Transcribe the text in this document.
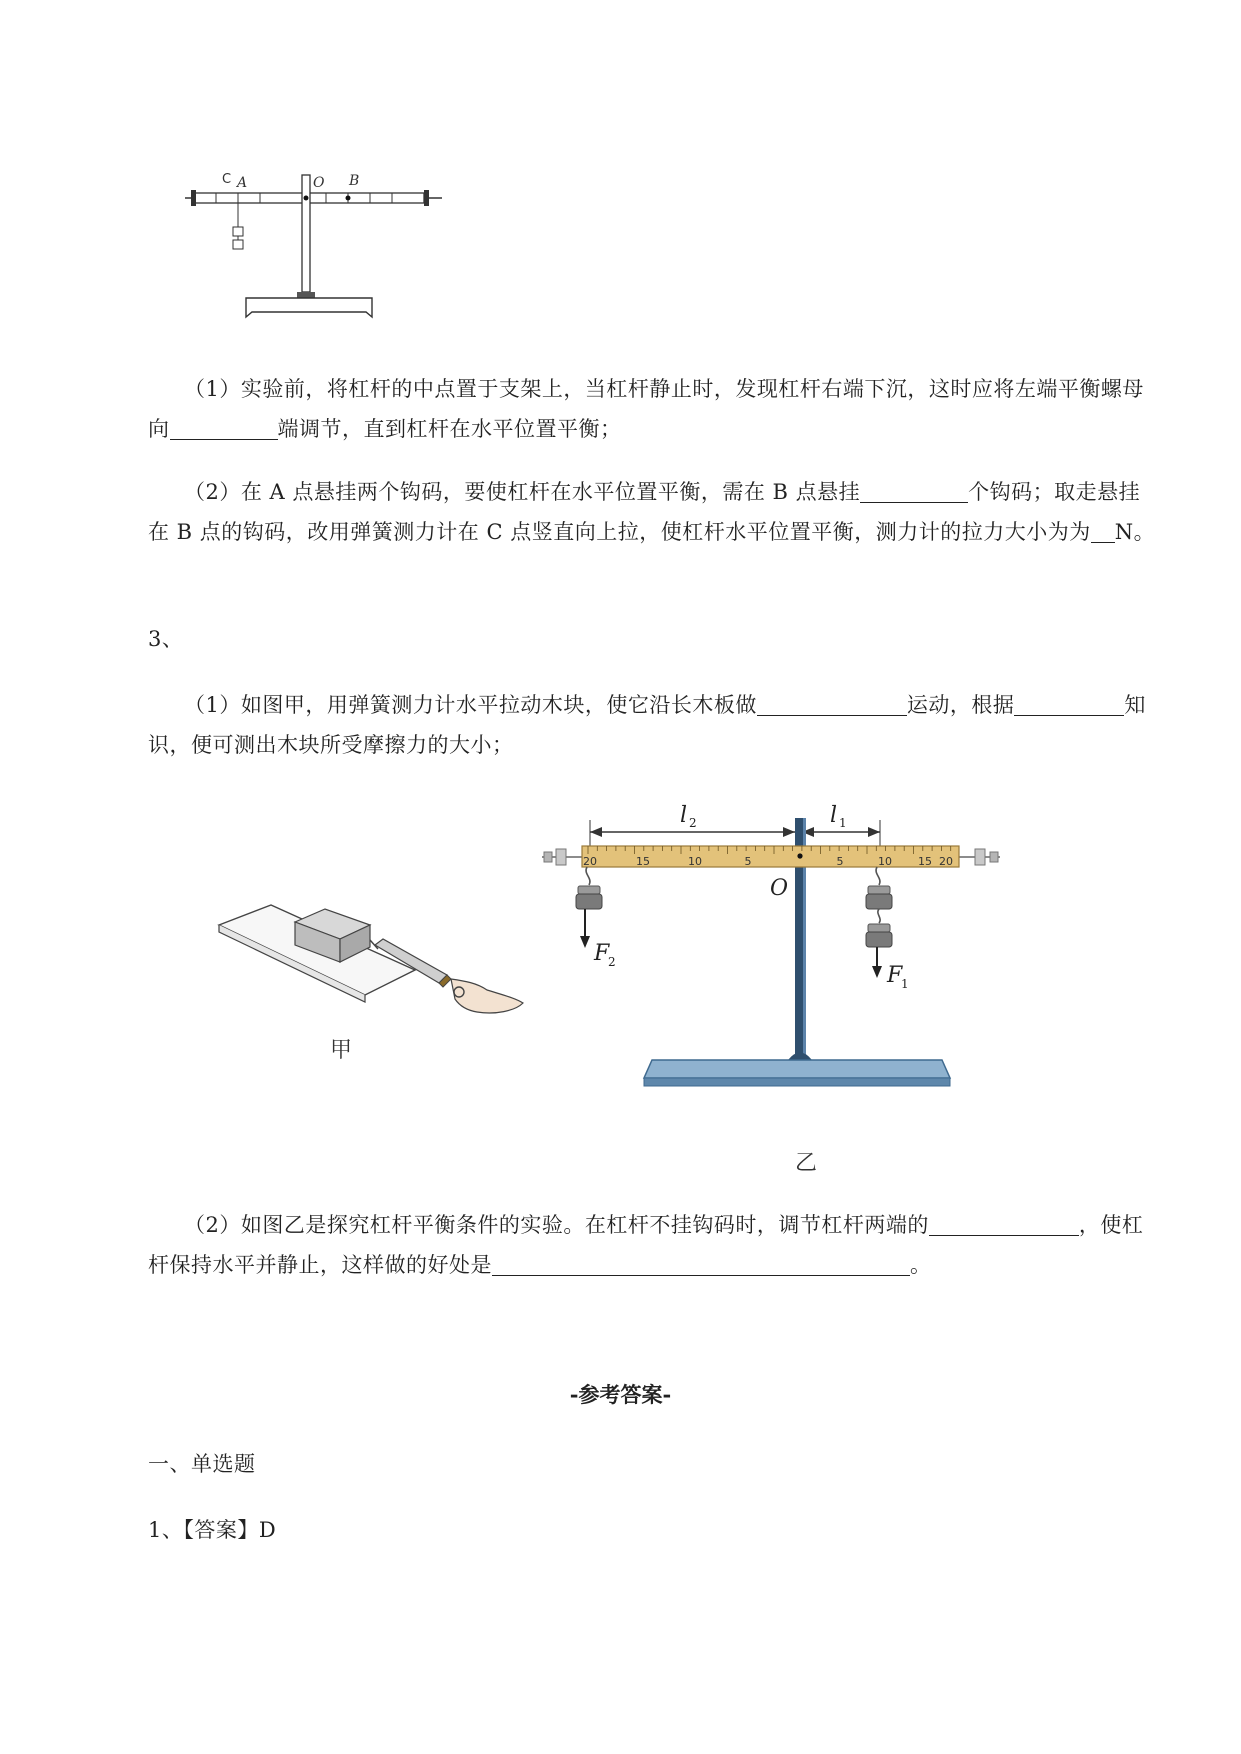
C A	O B
（1）实验前，将杠杆的中点置于支架上，当杠杆静止时，发现杠杆右端下沉，这时应将左端平衡螺母向	端调节，直到杠杆在水平位置平衡；
（2）在 A 点悬挂两个钩码，要使杠杆在水平位置平衡，需在 B 点悬挂	个钩码；取走悬挂在 B 点的钩码，改用弹簧测力计在 C 点竖直向上拉，使杠杆水平位置平衡，测力计的拉力大小为为 N。
3、
（1）如图甲，用弹簧测力计水平拉动木块，使它沿长木板做	运动，根据	知识，便可测出木块所受摩擦力的大小；
甲
l 2	l 1
20	15	10	5	5	10 15 20
O
F
2
F
1
乙
（2）如图乙是探究杠杆平衡条件的实验。在杠杆不挂钩码时，调节杠杆两端的	，使杠杆保持水平并静止，这样做的好处是	。
-参考答案-
一、单选题
1、【答案】D
